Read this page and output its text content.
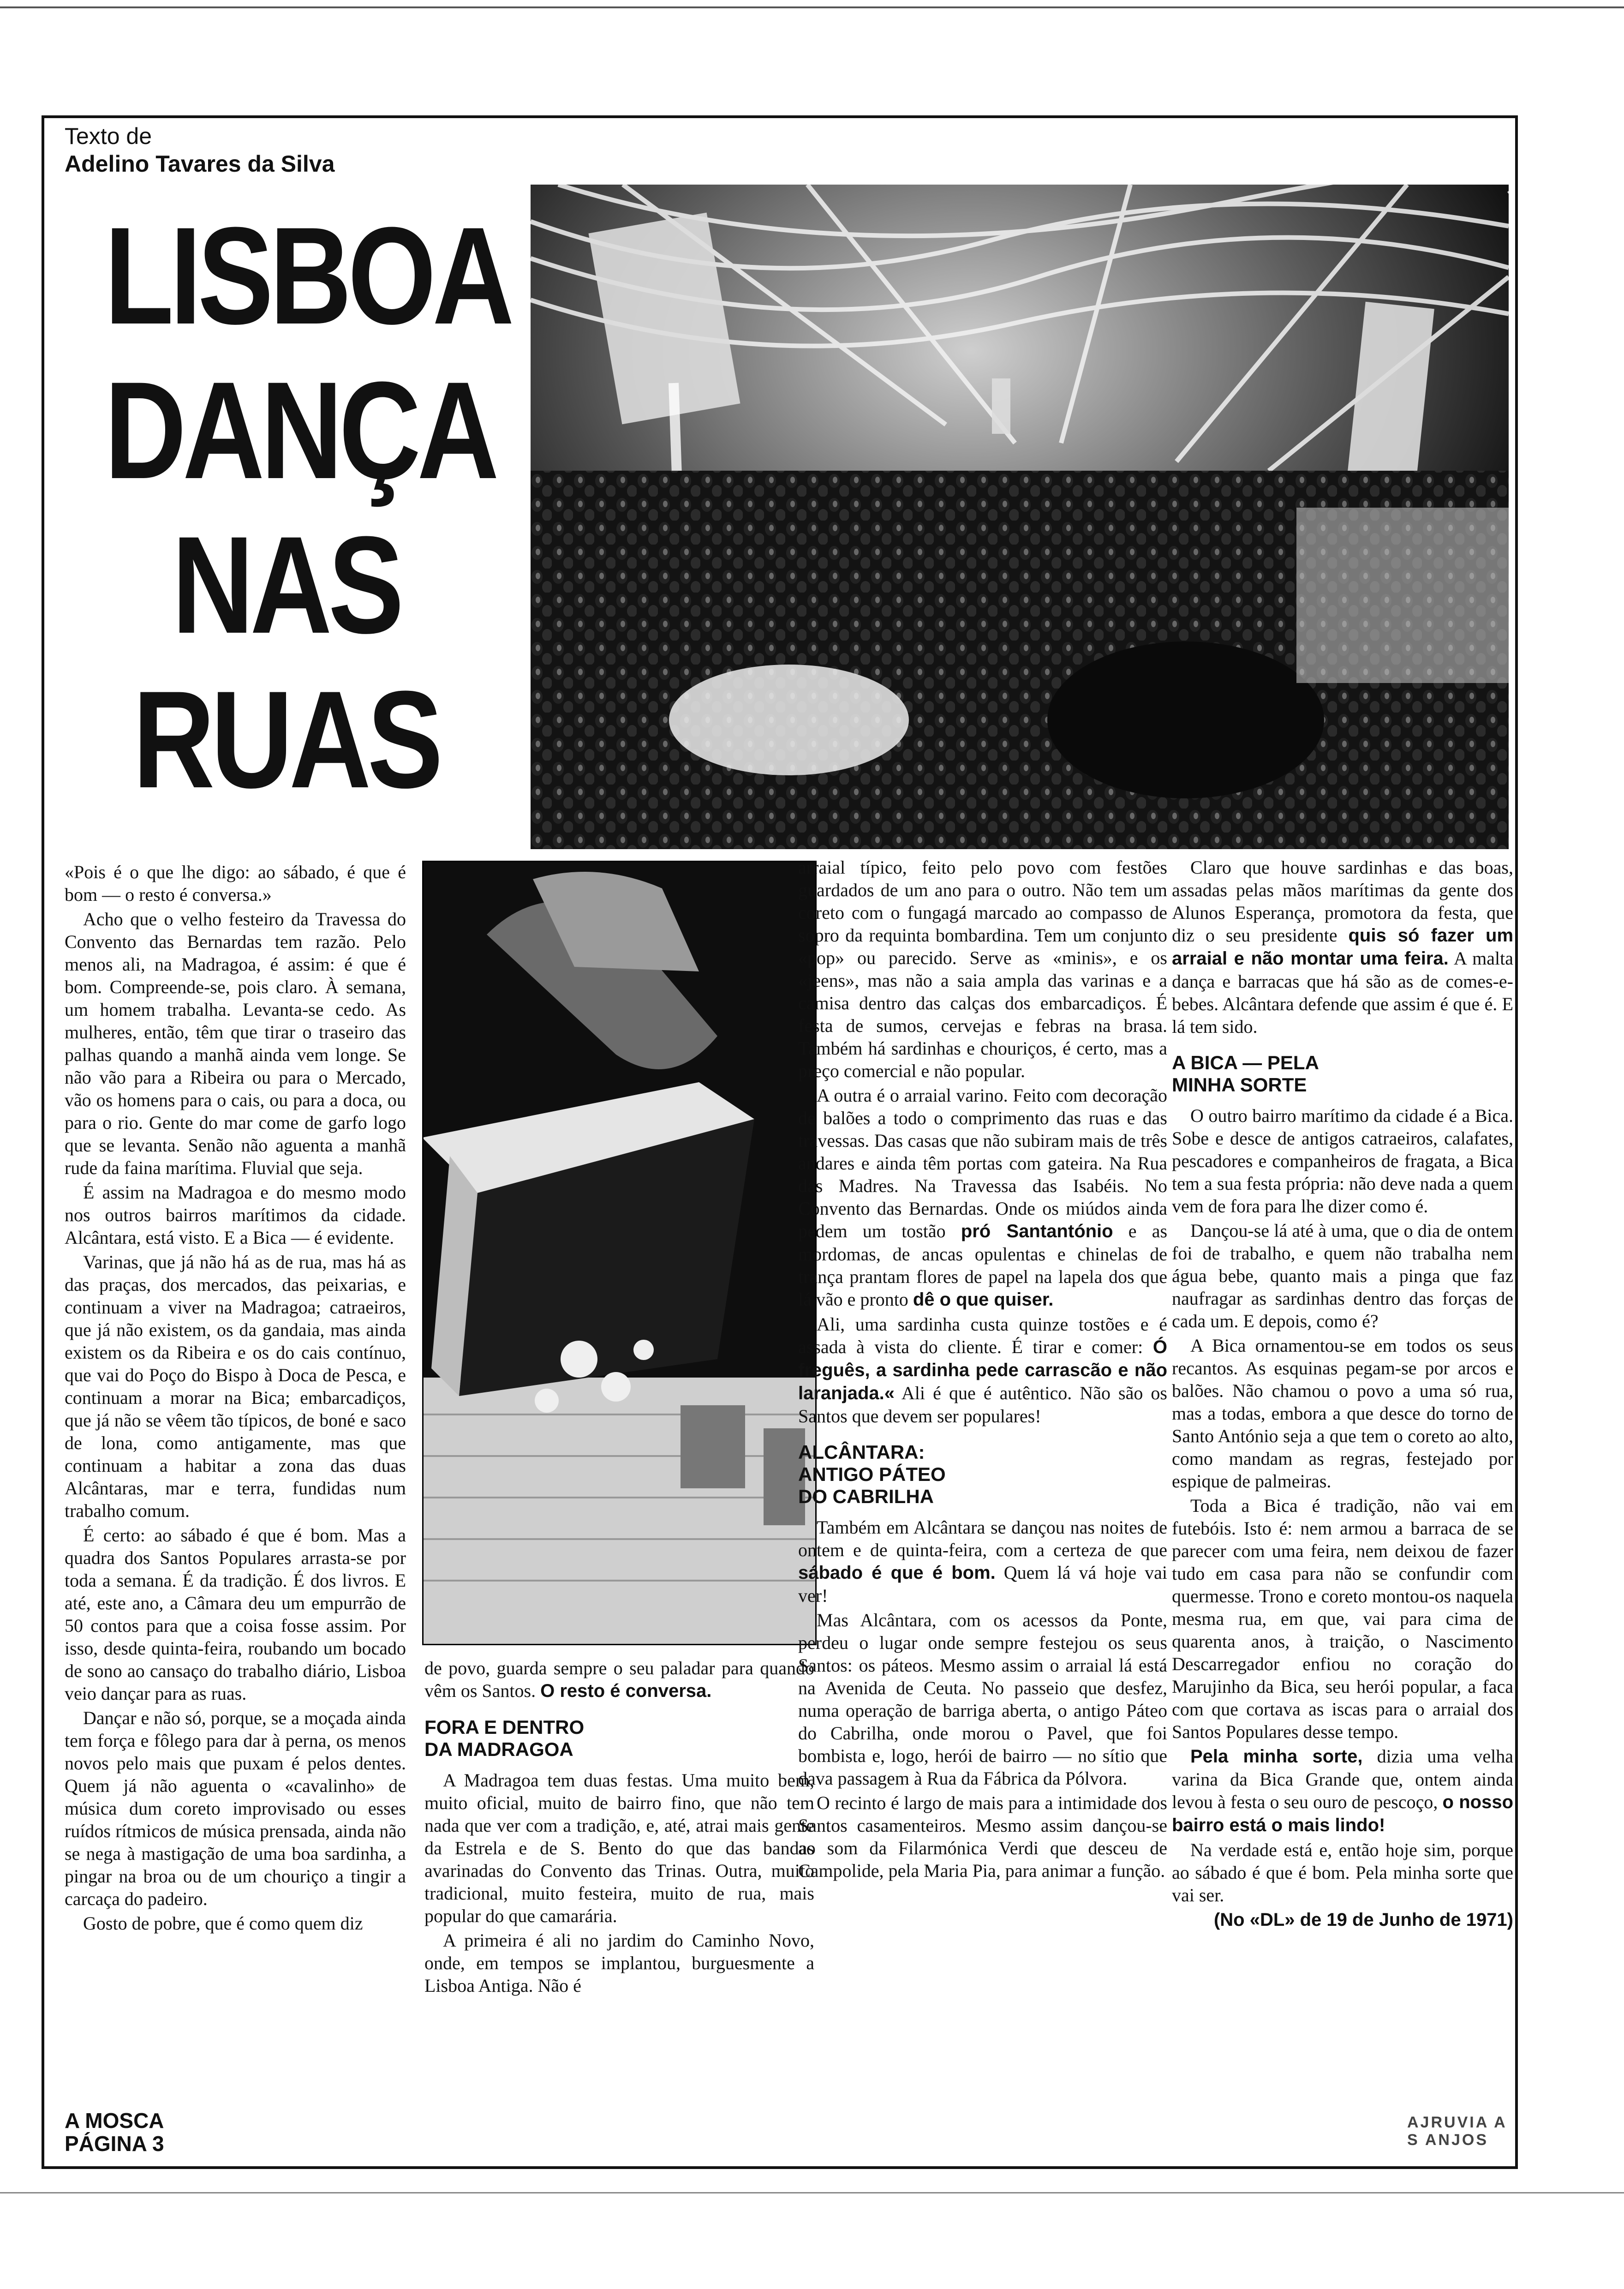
Texto de
Adelino Tavares da Silva
LISBOA
DANÇA
NAS
RUAS

«Pois é o que lhe digo: ao sábado, é que é bom — o resto é conversa.»

Acho que o velho festeiro da Travessa do Convento das Bernardas tem razão. Pelo menos ali, na Madragoa, é assim: é que é bom. Compreende-se, pois claro. À semana, um homem trabalha. Levanta-se cedo. As mulheres, então, têm que tirar o traseiro das palhas quando a manhã ainda vem longe. Se não vão para a Ribeira ou para o Mercado, vão os homens para o cais, ou para a doca, ou para o rio. Gente do mar come de garfo logo que se levanta. Senão não aguenta a manhã rude da faina marítima. Fluvial que seja.

É assim na Madragoa e do mesmo modo nos outros bairros marítimos da cidade. Alcântara, está visto. E a Bica — é evidente.

Varinas, que já não há as de rua, mas há as das praças, dos mercados, das peixarias, e continuam a viver na Madragoa; catraeiros, que já não existem, os da gandaia, mas ainda existem os da Ribeira e os do cais contínuo, que vai do Poço do Bispo à Doca de Pesca, e continuam a morar na Bica; embarcadiços, que já não se vêem tão típicos, de boné e saco de lona, como antigamente, mas que continuam a habitar a zona das duas Alcântaras, mar e terra, fundidas num trabalho comum.

É certo: ao sábado é que é bom. Mas a quadra dos Santos Populares arrasta-se por toda a semana. É da tradição. É dos livros. E até, este ano, a Câmara deu um empurrão de 50 contos para que a coisa fosse assim. Por isso, desde quinta-feira, roubando um bocado de sono ao cansaço do trabalho diário, Lisboa veio dançar para as ruas.

Dançar e não só, porque, se a moçada ainda tem força e fôlego para dar à perna, os menos novos pelo mais que puxam é pelos dentes. Quem já não aguenta o «cavalinho» de música dum coreto improvisado ou esses ruídos rítmicos de música prensada, ainda não se nega à mastigação de uma boa sardinha, a pingar na broa ou de um chouriço a tingir a carcaça do padeiro.

Gosto de pobre, que é como quem diz

de povo, guarda sempre o seu paladar para quando vêm os Santos. O resto é conversa.

FORA E DENTRO
DA MADRAGOA

A Madragoa tem duas festas. Uma muito bem, muito oficial, muito de bairro fino, que não tem nada que ver com a tradição, e, até, atrai mais gente da Estrela e de S. Bento do que das bandas avarinadas do Convento das Trinas. Outra, muito tradicional, muito festeira, muito de rua, mais popular do que camarária.

A primeira é ali no jardim do Caminho Novo, onde, em tempos se implantou, burguesmente a Lisboa Antiga. Não é

arraial típico, feito pelo povo com festões guardados de um ano para o outro. Não tem um coreto com o fungagá marcado ao compasso de sopro da requinta bombardina. Tem um conjunto «pop» ou parecido. Serve as «minis», e os «jeens», mas não a saia ampla das varinas e a camisa dentro das calças dos embarcadiços. É festa de sumos, cervejas e febras na brasa. Também há sardinhas e chouriços, é certo, mas a preço comercial e não popular.

A outra é o arraial varino. Feito com decoração de balões a todo o comprimento das ruas e das travessas. Das casas que não subiram mais de três andares e ainda têm portas com gateira. Na Rua das Madres. Na Travessa das Isabéis. No Convento das Bernardas. Onde os miúdos ainda pedem um tostão pró Santantónio e as mordomas, de ancas opulentas e chinelas de trança prantam flores de papel na lapela dos que lá vão e pronto dê o que quiser.

Ali, uma sardinha custa quinze tostões e é assada à vista do cliente. É tirar e comer: Ó freguês, a sardinha pede carrascão e não laranjada.« Ali é que é autêntico. Não são os Santos que devem ser populares!

ALCÂNTARA:
ANTIGO PÁTEO
DO CABRILHA

Também em Alcântara se dançou nas noites de ontem e de quinta-feira, com a certeza de que sábado é que é bom. Quem lá vá hoje vai ver!

Mas Alcântara, com os acessos da Ponte, perdeu o lugar onde sempre festejou os seus Santos: os páteos. Mesmo assim o arraial lá está na Avenida de Ceuta. No passeio que desfez, numa operação de barriga aberta, o antigo Páteo do Cabrilha, onde morou o Pavel, que foi bombista e, logo, herói de bairro — no sítio que dava passagem à Rua da Fábrica da Pólvora.

O recinto é largo de mais para a intimidade dos Santos casamenteiros. Mesmo assim dançou-se ao som da Filarmónica Verdi que desceu de Campolide, pela Maria Pia, para animar a função.

Claro que houve sardinhas e das boas, assadas pelas mãos marítimas da gente dos Alunos Esperança, promotora da festa, que diz o seu presidente quis só fazer um arraial e não montar uma feira. A malta dança e barracas que há são as de comes-e-bebes. Alcântara defende que assim é que é. E lá tem sido.

A BICA — PELA
MINHA SORTE

O outro bairro marítimo da cidade é a Bica. Sobe e desce de antigos catraeiros, calafates, pescadores e companheiros de fragata, a Bica tem a sua festa própria: não deve nada a quem vem de fora para lhe dizer como é.

Dançou-se lá até à uma, que o dia de ontem foi de trabalho, e quem não trabalha nem água bebe, quanto mais a pinga que faz naufragar as sardinhas dentro das forças de cada um. E depois, como é?

A Bica ornamentou-se em todos os seus recantos. As esquinas pegam-se por arcos e balões. Não chamou o povo a uma só rua, mas a todas, embora a que desce do torno de Santo António seja a que tem o coreto ao alto, como mandam as regras, festejado por espique de palmeiras.

Toda a Bica é tradição, não vai em futebóis. Isto é: nem armou a barraca de se parecer com uma feira, nem deixou de fazer tudo em casa para não se confundir com quermesse. Trono e coreto montou-os naquela mesma rua, em que, vai para cima de quarenta anos, à traição, o Nascimento Descarregador enfiou no coração do Marujinho da Bica, seu herói popular, a faca com que cortava as iscas para o arraial dos Santos Populares desse tempo.

Pela minha sorte, dizia uma velha varina da Bica Grande que, ontem ainda levou à festa o seu ouro de pescoço, o nosso bairro está o mais lindo!

Na verdade está e, então hoje sim, porque ao sábado é que é bom. Pela minha sorte que vai ser.

(No «DL» de 19 de Junho de 1971)

A MOSCA
PÁGINA 3
AJRUVIA A
S ANJOS
